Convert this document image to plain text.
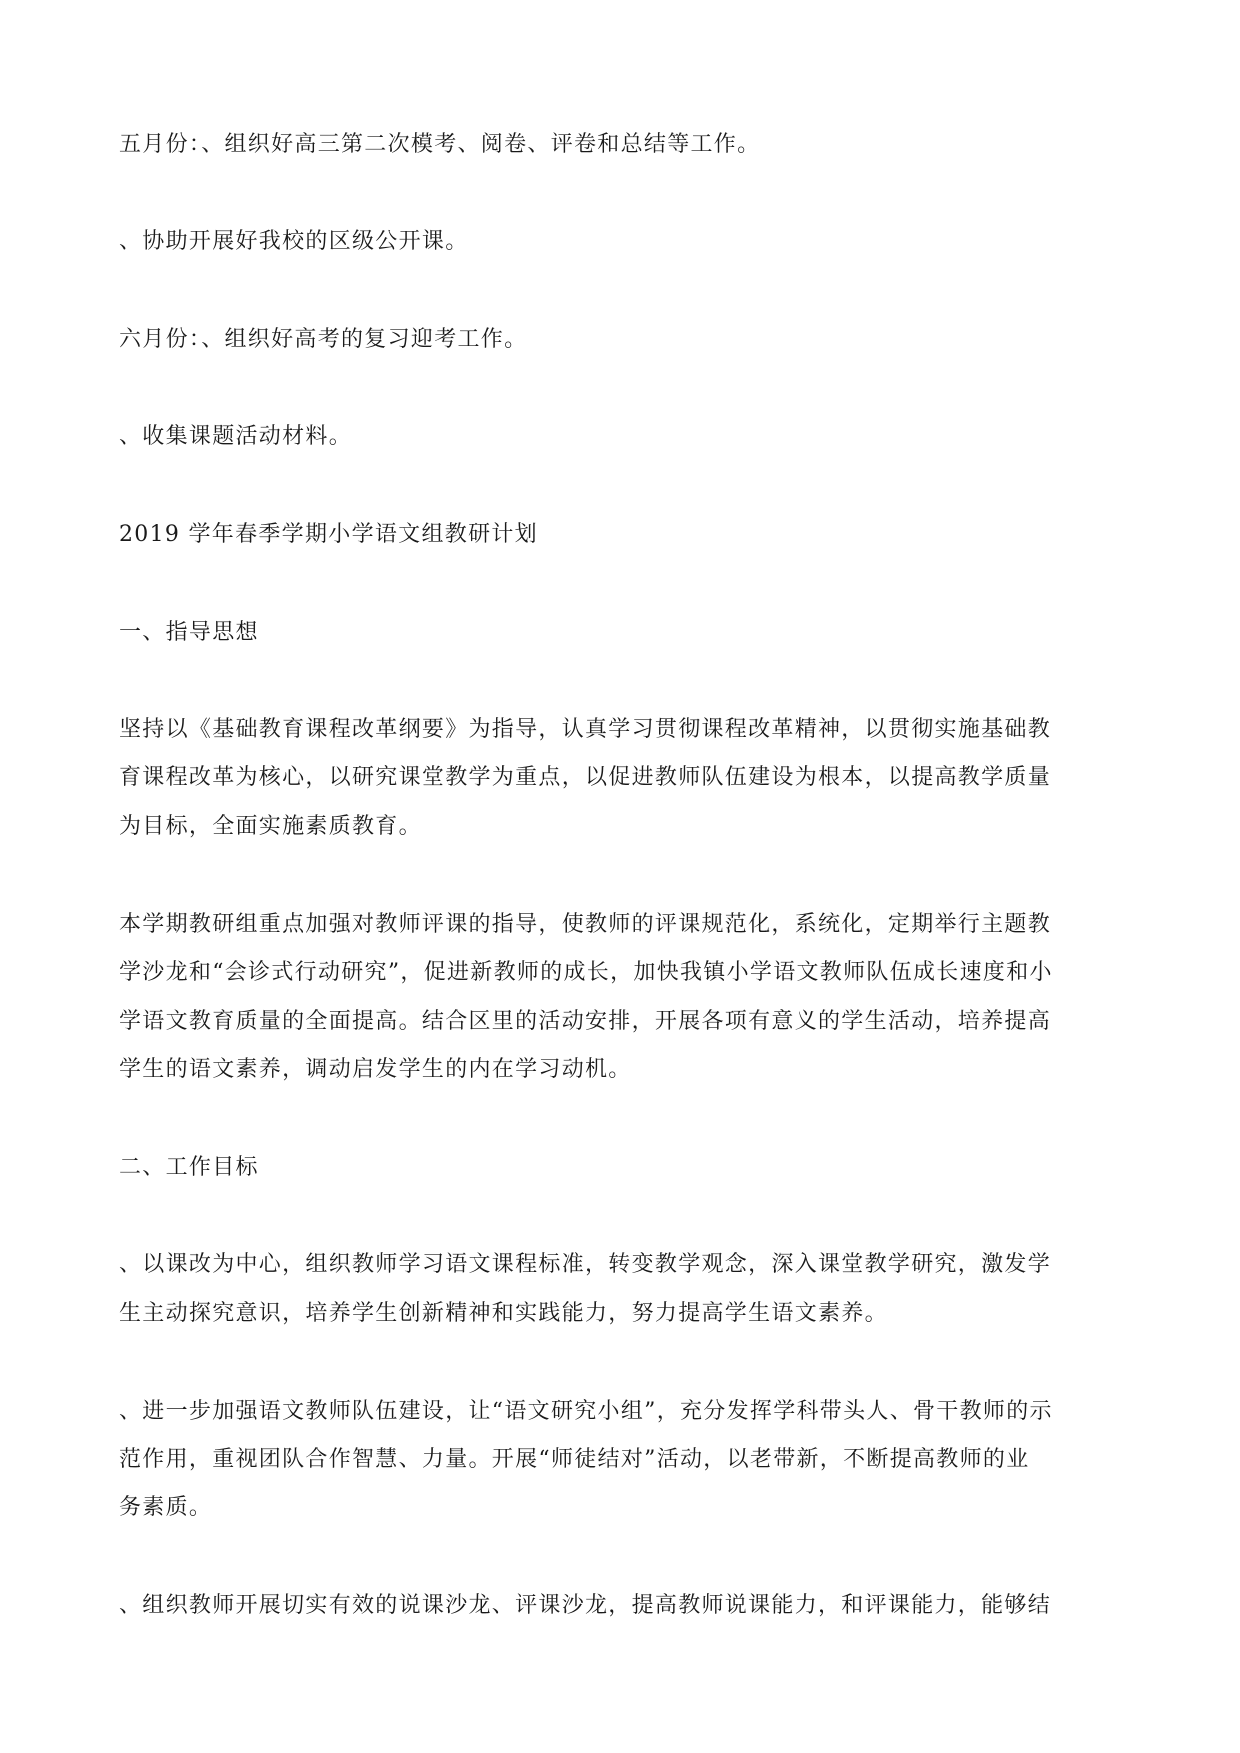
五月份：、组织好高三第二次模考、阅卷、评卷和总结等工作。
、协助开展好我校的区级公开课。
六月份：、组织好高考的复习迎考工作。
、收集课题活动材料。
2019 学年春季学期小学语文组教研计划
一、指导思想
坚持以《基础教育课程改革纲要》为指导，认真学习贯彻课程改革精神，以贯彻实施基础教
育课程改革为核心，以研究课堂教学为重点，以促进教师队伍建设为根本，以提高教学质量
为目标，全面实施素质教育。
本学期教研组重点加强对教师评课的指导，使教师的评课规范化，系统化，定期举行主题教
学沙龙和“会诊式行动研究”，促进新教师的成长，加快我镇小学语文教师队伍成长速度和小
学语文教育质量的全面提高。结合区里的活动安排，开展各项有意义的学生活动，培养提高
学生的语文素养，调动启发学生的内在学习动机。
二、工作目标
、以课改为中心，组织教师学习语文课程标准，转变教学观念，深入课堂教学研究，激发学
生主动探究意识，培养学生创新精神和实践能力，努力提高学生语文素养。
、进一步加强语文教师队伍建设，让“语文研究小组”，充分发挥学科带头人、骨干教师的示
范作用，重视团队合作智慧、力量。开展“师徒结对”活动，以老带新，不断提高教师的业
务素质。
、组织教师开展切实有效的说课沙龙、评课沙龙，提高教师说课能力，和评课能力，能够结
